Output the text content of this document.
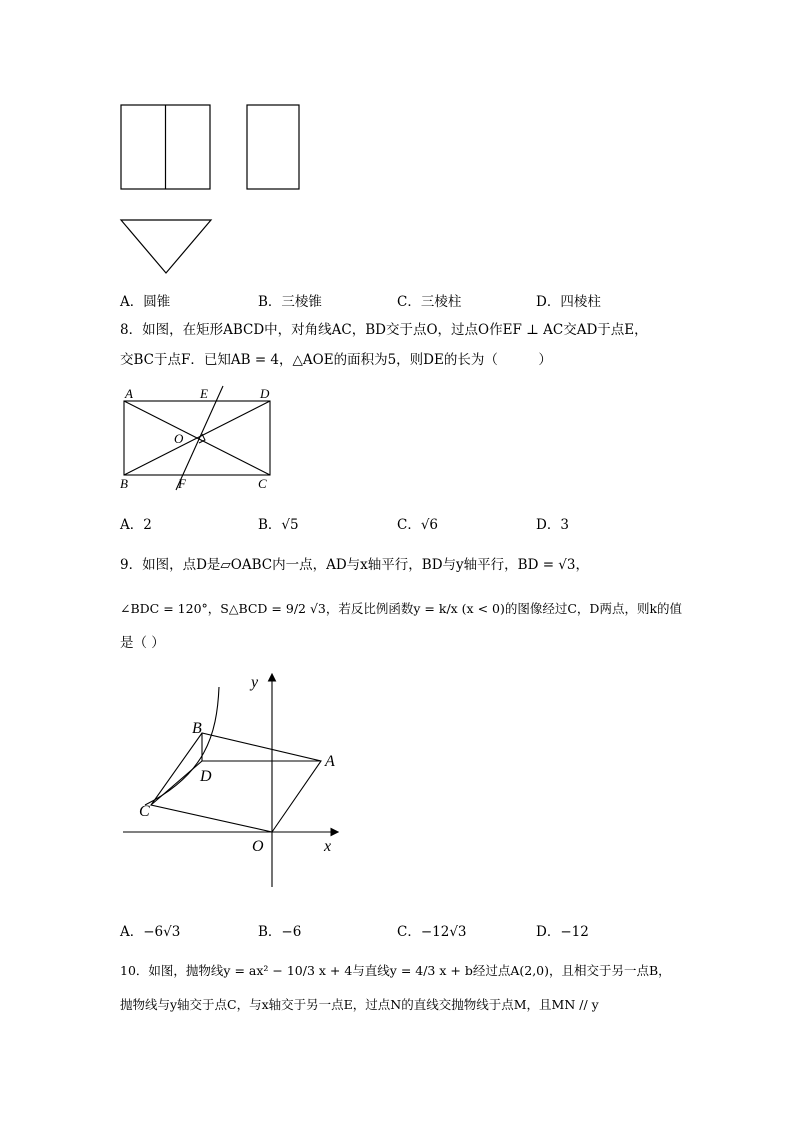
A．圆锥	B．三棱锥	C．三棱柱	D．四棱柱
8．如图，在矩形ABCD中，对角线AC，BD交于点O，过点O作EF ⊥ AC交AD于点E，
交BC于点F．已知AB = 4，△AOE的面积为5，则DE的长为（　　　）
A	E	D
O
B	F	C
A．2	B．√5	C．√6	D．3
9．如图，点D是▱OABC内一点，AD与x轴平行，BD与y轴平行，BD = √3，
∠BDC = 120°，S△BCD = 9/2 √3，若反比例函数y = k/x (x < 0)的图像经过C，D两点，则k的值
是（ ）
y
x
B
D
A
C
O
A．−6√3	B．−6	C．−12√3	D．−12
10．如图，抛物线y = ax² − 10/3 x + 4与直线y = 4/3 x + b经过点A(2,0)，且相交于另一点B，
抛物线与y轴交于点C，与x轴交于另一点E，过点N的直线交抛物线于点M，且MN // y
